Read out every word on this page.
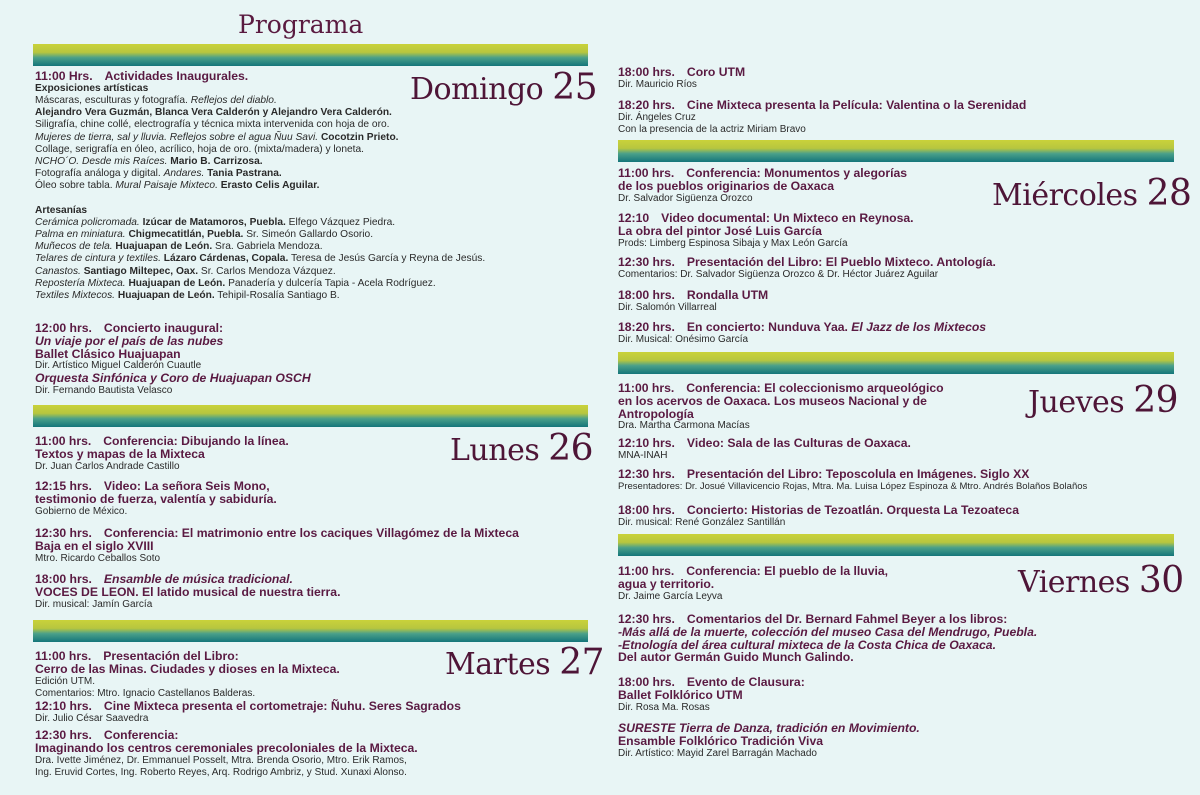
Programa
Domingo 25
11:00 Hrs. Actividades Inaugurales.
Exposiciones artísticas
Máscaras, esculturas y fotografía. Reflejos del diablo.
Alejandro Vera Guzmán, Blanca Vera Calderón y Alejandro Vera Calderón.
Siligrafía, chine collé, electrografía y técnica mixta intervenida con hoja de oro.
Mujeres de tierra, sal y lluvia. Reflejos sobre el agua Ñuu Savi. Cocotzin Prieto.
Collage, serigrafía en óleo, acrílico, hoja de oro. (mixta/madera) y loneta.
NCHO´O. Desde mis Raíces. Mario B. Carrizosa.
Fotografía análoga y digital. Andares. Tania Pastrana.
Óleo sobre tabla. Mural Paisaje Mixteco. Erasto Celis Aguilar.
Artesanías
Cerámica policromada. Izúcar de Matamoros, Puebla. Elfego Vázquez Piedra.
Palma en miniatura. Chigmecatitlán, Puebla. Sr. Simeón Gallardo Osorio.
Muñecos de tela. Huajuapan de León. Sra. Gabriela Mendoza.
Telares de cintura y textiles. Lázaro Cárdenas, Copala. Teresa de Jesús García y Reyna de Jesús.
Canastos. Santiago Miltepec, Oax. Sr. Carlos Mendoza Vázquez.
Repostería Mixteca. Huajuapan de León. Panadería y dulcería Tapia - Acela Rodríguez.
Textiles Mixtecos. Huajuapan de León. Tehipil-Rosalía Santiago B.
12:00 hrs. Concierto inaugural:
Un viaje por el país de las nubes
Ballet Clásico Huajuapan
Dir. Artístico Miguel Calderón Cuautle
Orquesta Sinfónica y Coro de Huajuapan OSCH
Dir. Fernando Bautista Velasco
Lunes 26
11:00 hrs. Conferencia: Dibujando la línea.
Textos y mapas de la Mixteca
Dr. Juan Carlos Andrade Castillo
12:15 hrs. Video: La señora Seis Mono,
testimonio de fuerza, valentía y sabiduría.
Gobierno de México.
12:30 hrs. Conferencia: El matrimonio entre los caciques Villagómez de la Mixteca
Baja en el siglo XVIII
Mtro. Ricardo Ceballos Soto
18:00 hrs. Ensamble de música tradicional.
VOCES DE LEON. El latido musical de nuestra tierra.
Dir. musical: Jamín García
Martes 27
11:00 hrs. Presentación del Libro:
Cerro de las Minas. Ciudades y dioses en la Mixteca.
Edición UTM.
Comentarios: Mtro. Ignacio Castellanos Balderas.
12:10 hrs. Cine Mixteca presenta el cortometraje: Ñuhu. Seres Sagrados
Dir. Julio César Saavedra
12:30 hrs. Conferencia:
Imaginando los centros ceremoniales precoloniales de la Mixteca.
Dra. Ivette Jiménez, Dr. Emmanuel Posselt, Mtra. Brenda Osorio, Mtro. Erik Ramos,
Ing. Eruvid Cortes, Ing. Roberto Reyes, Arq. Rodrigo Ambriz, y Stud. Xunaxi Alonso.
18:00 hrs. Coro UTM
Dir. Mauricio Ríos
18:20 hrs. Cine Mixteca presenta la Película: Valentina o la Serenidad
Dir. Ángeles Cruz
Con la presencia de la actriz Miriam Bravo
Miércoles 28
11:00 hrs. Conferencia: Monumentos y alegorías
de los pueblos originarios de Oaxaca
Dr. Salvador Sigüenza Orozco
12:10 Video documental: Un Mixteco en Reynosa.
La obra del pintor José Luis García
Prods: Limberg Espinosa Sibaja y Max León García
12:30 hrs. Presentación del Libro: El Pueblo Mixteco. Antología.
Comentarios: Dr. Salvador Sigüenza Orozco & Dr. Héctor Juárez Aguilar
18:00 hrs. Rondalla UTM
Dir. Salomón Villarreal
18:20 hrs. En concierto: Nunduva Yaa. El Jazz de los Mixtecos
Dir. Musical: Onésimo García
Jueves 29
11:00 hrs. Conferencia: El coleccionismo arqueológico
en los acervos de Oaxaca. Los museos Nacional y de
Antropología
Dra. Martha Carmona Macías
12:10 hrs. Video: Sala de las Culturas de Oaxaca.
MNA-INAH
12:30 hrs. Presentación del Libro: Teposcolula en Imágenes. Siglo XX
Presentadores: Dr. Josué Villavicencio Rojas, Mtra. Ma. Luisa López Espinoza & Mtro. Andrés Bolaños Bolaños
18:00 hrs. Concierto: Historias de Tezoatlán. Orquesta La Tezoateca
Dir. musical: René González Santillán
Viernes 30
11:00 hrs. Conferencia: El pueblo de la lluvia,
agua y territorio.
Dr. Jaime García Leyva
12:30 hrs. Comentarios del Dr. Bernard Fahmel Beyer a los libros:
-Más allá de la muerte, colección del museo Casa del Mendrugo, Puebla.
-Etnología del área cultural mixteca de la Costa Chica de Oaxaca.
Del autor Germán Guido Munch Galindo.
18:00 hrs. Evento de Clausura:
Ballet Folklórico UTM
Dir. Rosa Ma. Rosas
SURESTE Tierra de Danza, tradición en Movimiento.
Ensamble Folklórico Tradición Viva
Dir. Artístico: Mayid Zarel Barragán Machado
